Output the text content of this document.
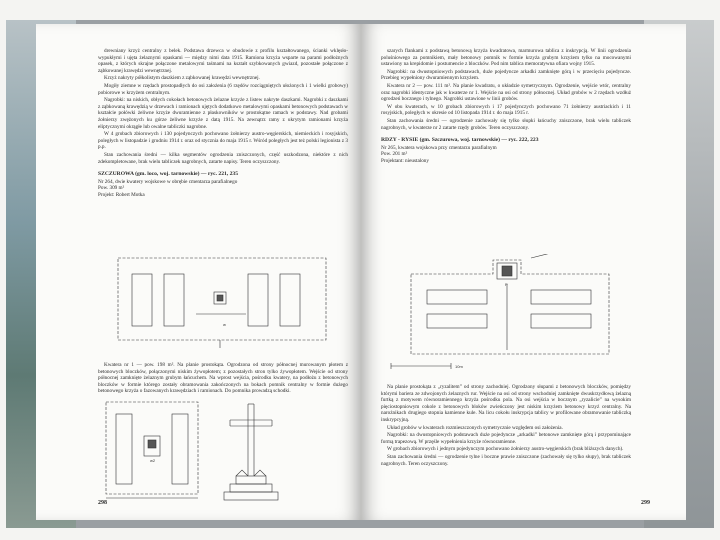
drewniany krzyż centralny z belek. Podstawa drzewca w obudowie z profilu kształtowanego, ścianki wklęsło-wypukłymi i ujęta żelaznymi opaskami — między nimi data 1915. Ramiona krzyża wsparte na parami podłożnych opasek, z których skrajne połączone metalowymi taśmami na kształt szybkowanych gwiazd, pozostałe połączone z ząbkowanej krawędzi wewnętrznej.

Krzyż nakryty półkolistym daszkiem z ząbkowanej krawędzi wewnętrznej.

Mogiły ziemne w rzędach prostopadłych do osi założenia (6 rzędów rozciągniętych ułożonych i 1 wielki grobowy) pobiorowe w krzyżem centralnym.

Nagrobki: na niskich, obłych cokołach betonowych żelazne krzyże z listew nakryte daszkami. Nagrobki z daszkami z ząbkowaną krawędzią w drzewach i ramionach ujętych dodatkowo metalowymi opaskami betonowych podstawach w kształcie połówki żeliwne krzyże dwuramienne z płaskowników w prostokątne ramach w podstawy. Nad grobami żołnierzy zwężonych ku górze żeliwne krzyże z datą 1915. Na zewnątrz ramy z ukrytym ramionami krzyża eliptycznymi okrągłe lub owalne tabliczki nagrobne.

W 4 grobach zbiorowych i 130 pojedynczych pochowano żołnierzy austro-węgierskich, niemieckich i rosyjskich, poległych w listopadzie i grudniu 1914 r. oraz od stycznia do maja 1915 r. Wśród poległych jest też polski legionista z 3 p.p.

Stan zachowania średni — kilka segmentów ogrodzenia zniszczonych, część uszkodzona, niektóre z nich zdekompletowane, brak wielu tabliczek nagrobnych, zatarte napisy. Teren oczyszczony.

SZCZUROWA (gm. loco, woj. tarnowskie) — ryc. 221, 235

Nr 264, dwie kwatery wojskowe w obrębie cmentarza parafialnego

Pow. 309 m²

Projekt: Robert Motka

w

Kwatera nr 1 — pow. 198 m². Na planie prostokąta. Ogrodzona od strony północnej murowanym płotem z betonowych bloczków, połączonymi niskim żywopłotem; z pozostałych stron tylko żywopłotem. Wejście od strony północnej zamknięte żelaznym grubym łańcuchem. Na wprost wejścia, pośrodku kwatery, na podłożu z betonowych bloczków w formie którego zostały obramowania zakończonych na bokach pomnik centralny w formie dużego betonowego krzyża o fazowanych krawędziach i ramionach. Do pomnika prowadzą schodki.

w2
298

szarych flankami z podstawą betonową krzyża kwadratowa, marmurowa tablica z inskrypcją. W linii ogrodzenia poluśniowego za pomnikiem, mały betonowy pomnik w formie krzyża grubym krzyżem tylko na mocowanymi ustawiony na krepidomie i postumencie z bloczków. Pod nim tablica memoratywna ofiara wojny 1915.

Nagrobki: na dwustopniowych podstawach, duże pojedyncze arkadki zamknięte górą i w przecięciu pojedyncze. Przebieg wypełniony dwuramiennym krzyżem.

Kwatera nr 2 — pow. 111 m². Na planie kwadratu, o układzie symetrycznym. Ogrodzenie, wejście wtór, centralny oraz nagrobki identyczne jak w kwaterze nr 1. Wejście na osi od strony północnej. Układ grobów w 2 rzędach wzdłuż ogrodzeń bocznego i tylnego. Nagrobki ustawione w linii grobów.

W obu kwaterach, w 10 grobach zbiorowych i 17 pojedynczych pochowano 71 żołnierzy austriackich i 11 rosyjskich, poległych w okresie od 10 listopada 1914 r. do maja 1915 r.

Stan zachowania średni — ogrodzenie zachowały się tylko słupki łańcuchy zniszczone, brak wielu tabliczek nagrobnych, w kwaterze nr 2 zatarte rzędy grobów. Teren oczyszczony.

RDZY - RYSIE (gm. Szczurowa, woj. tarnowskie) — ryc. 222, 223

Nr 265, kwatera wojskowa przy cmentarzu parafialnym

Pow. 201 m²

Projektant: nieustalony

P
10m

Na planie prostokąta z „ryzalitem” od strony zachodniej. Ogrodzony słupami z betonowych bloczków, pomiędzy którymi bariera ze zdwojonych żelaznych rur. Wejście na osi od strony wschodniej zamknięte dwuskrzydłową żelazną furtką z motywem równoramiennego krzyża pośrodku pola. Na osi wejścia w bocznym „ryzalicie” na wysokim pięciostopniowym cokole z betonowych bloków zwieńczony jest niskim krzyżem betonowy krzyż centralny. Na narożnikach drugiego stopnia kamienne kule. Na licu cokołu inskrypcja tablicy w profilowane obramowanie tabliczką inskrypcyjną.

Układ grobów w kwaterach rozmieszczonych symetrycznie względem osi założenia.

Nagrobki: na dwustopniowych podstawach duże pojedyncze „arkadki” betonowe zamknięte górą i przypominające formą trapezową. W przęśle wypełnienia krzyże równoramienne.

W grobach zbiorowych i jednym pojedynczym pochowano żołnierzy austro-węgierskich (brak bliższych danych).

Stan zachowania średni — ogrodzenie tylne i boczne prawie zniszczone (zachowały się tylko słupy), brak tabliczek nagrobnych. Teren oczyszczony.

299
